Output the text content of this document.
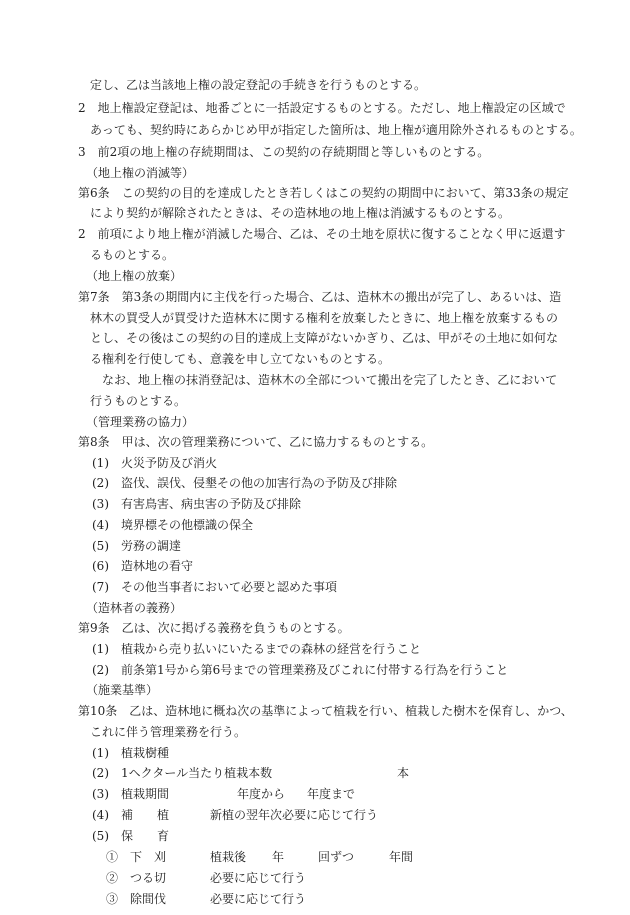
定し、乙は当該地上権の設定登記の手続きを行うものとする。
2　地上権設定登記は、地番ごとに一括設定するものとする。ただし、地上権設定の区域で
あっても、契約時にあらかじめ甲が指定した箇所は、地上権が適用除外されるものとする。
3　前2項の地上権の存続期間は、この契約の存続期間と等しいものとする。
（地上権の消滅等）
第6条　この契約の目的を達成したとき若しくはこの契約の期間中において、第33条の規定
により契約が解除されたときは、その造林地の地上権は消滅するものとする。
2　前項により地上権が消滅した場合、乙は、その土地を原状に復することなく甲に返還す
るものとする。
（地上権の放棄）
第7条　第3条の期間内に主伐を行った場合、乙は、造林木の搬出が完了し、あるいは、造
林木の買受人が買受けた造林木に関する権利を放棄したときに、地上権を放棄するもの
とし、その後はこの契約の目的達成上支障がないかぎり、乙は、甲がその土地に如何な
る権利を行使しても、意義を申し立てないものとする。
なお、地上権の抹消登記は、造林木の全部について搬出を完了したとき、乙において
行うものとする。
（管理業務の協力）
第8条　甲は、次の管理業務について、乙に協力するものとする。
(1)　火災予防及び消火
(2)　盗伐、誤伐、侵墾その他の加害行為の予防及び排除
(3)　有害鳥害、病虫害の予防及び排除
(4)　境界標その他標識の保全
(5)　労務の調達
(6)　造林地の看守
(7)　その他当事者において必要と認めた事項
（造林者の義務）
第9条　乙は、次に掲げる義務を負うものとする。
(1)　植栽から売り払いにいたるまでの森林の経営を行うこと
(2)　前条第1号から第6号までの管理業務及びこれに付帯する行為を行うこと
（施業基準）
第10条　乙は、造林地に概ね次の基準によって植栽を行い、植栽した樹木を保育し、かつ、
これに伴う管理業務を行う。
(1)　植栽樹種
(2)　1ヘクタール当たり植栽本数	本
(3)　植栽期間	年度から 年度まで
(4)　補　　植	新植の翌年次必要に応じて行う
(5)　保　　育
①　下　刈	植栽後 年	回ずつ	年間
②　つる切	必要に応じて行う
③　除間伐	必要に応じて行う
